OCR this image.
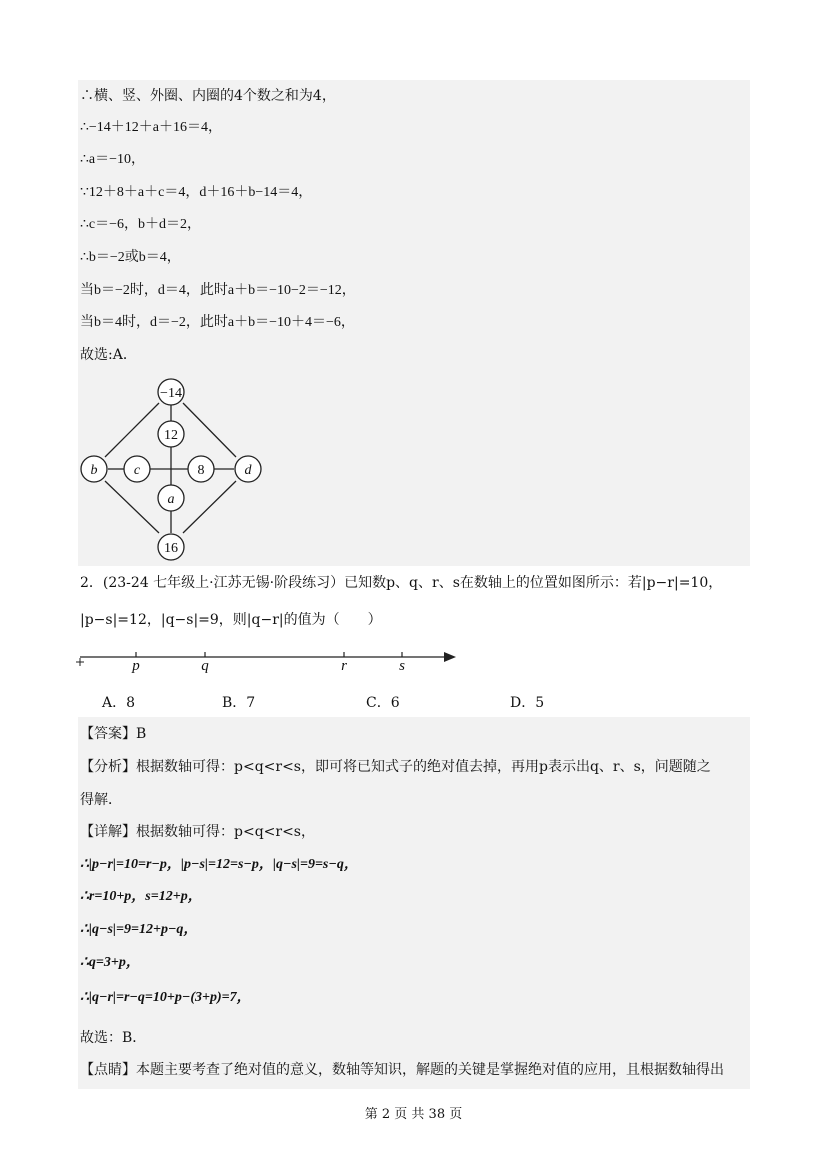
∴横、竖、外圈、内圈的4个数之和为4，
∴−14＋12＋a＋16＝4，
∴a＝−10，
∵12＋8＋a＋c＝4，d＋16＋b−14＝4，
∴c＝−6，b＋d＝2，
∴b＝−2或b＝4，
当b＝−2时，d＝4，此时a＋b＝−10−2＝−12，
当b＝4时，d＝−2，此时a＋b＝−10＋4＝−6，
故选:A．
−14
12
b	c	8	d
a
16
2．(23-24 七年级上·江苏无锡·阶段练习）已知数p、q、r、s在数轴上的位置如图所示：若|p−r|=10，
|p−s|=12，|q−s|=9，则|q−r|的值为（　　）
p	q	r	s
A．8	B．7	C．6	D．5
【答案】B
【分析】根据数轴可得：p<q<r<s，即可将已知式子的绝对值去掉，再用p表示出q、r、s，问题随之
得解．
【详解】根据数轴可得：p<q<r<s，
∴|p−r|=10=r−p，|p−s|=12=s−p，|q−s|=9=s−q，
∴r=10+p，s=12+p，
∴|q−s|=9=12+p−q，
∴q=3+p，
∴|q−r|=r−q=10+p−(3+p)=7，
故选：B．
【点睛】本题主要考查了绝对值的意义，数轴等知识，解题的关键是掌握绝对值的应用，且根据数轴得出
第 2 页 共 38 页
